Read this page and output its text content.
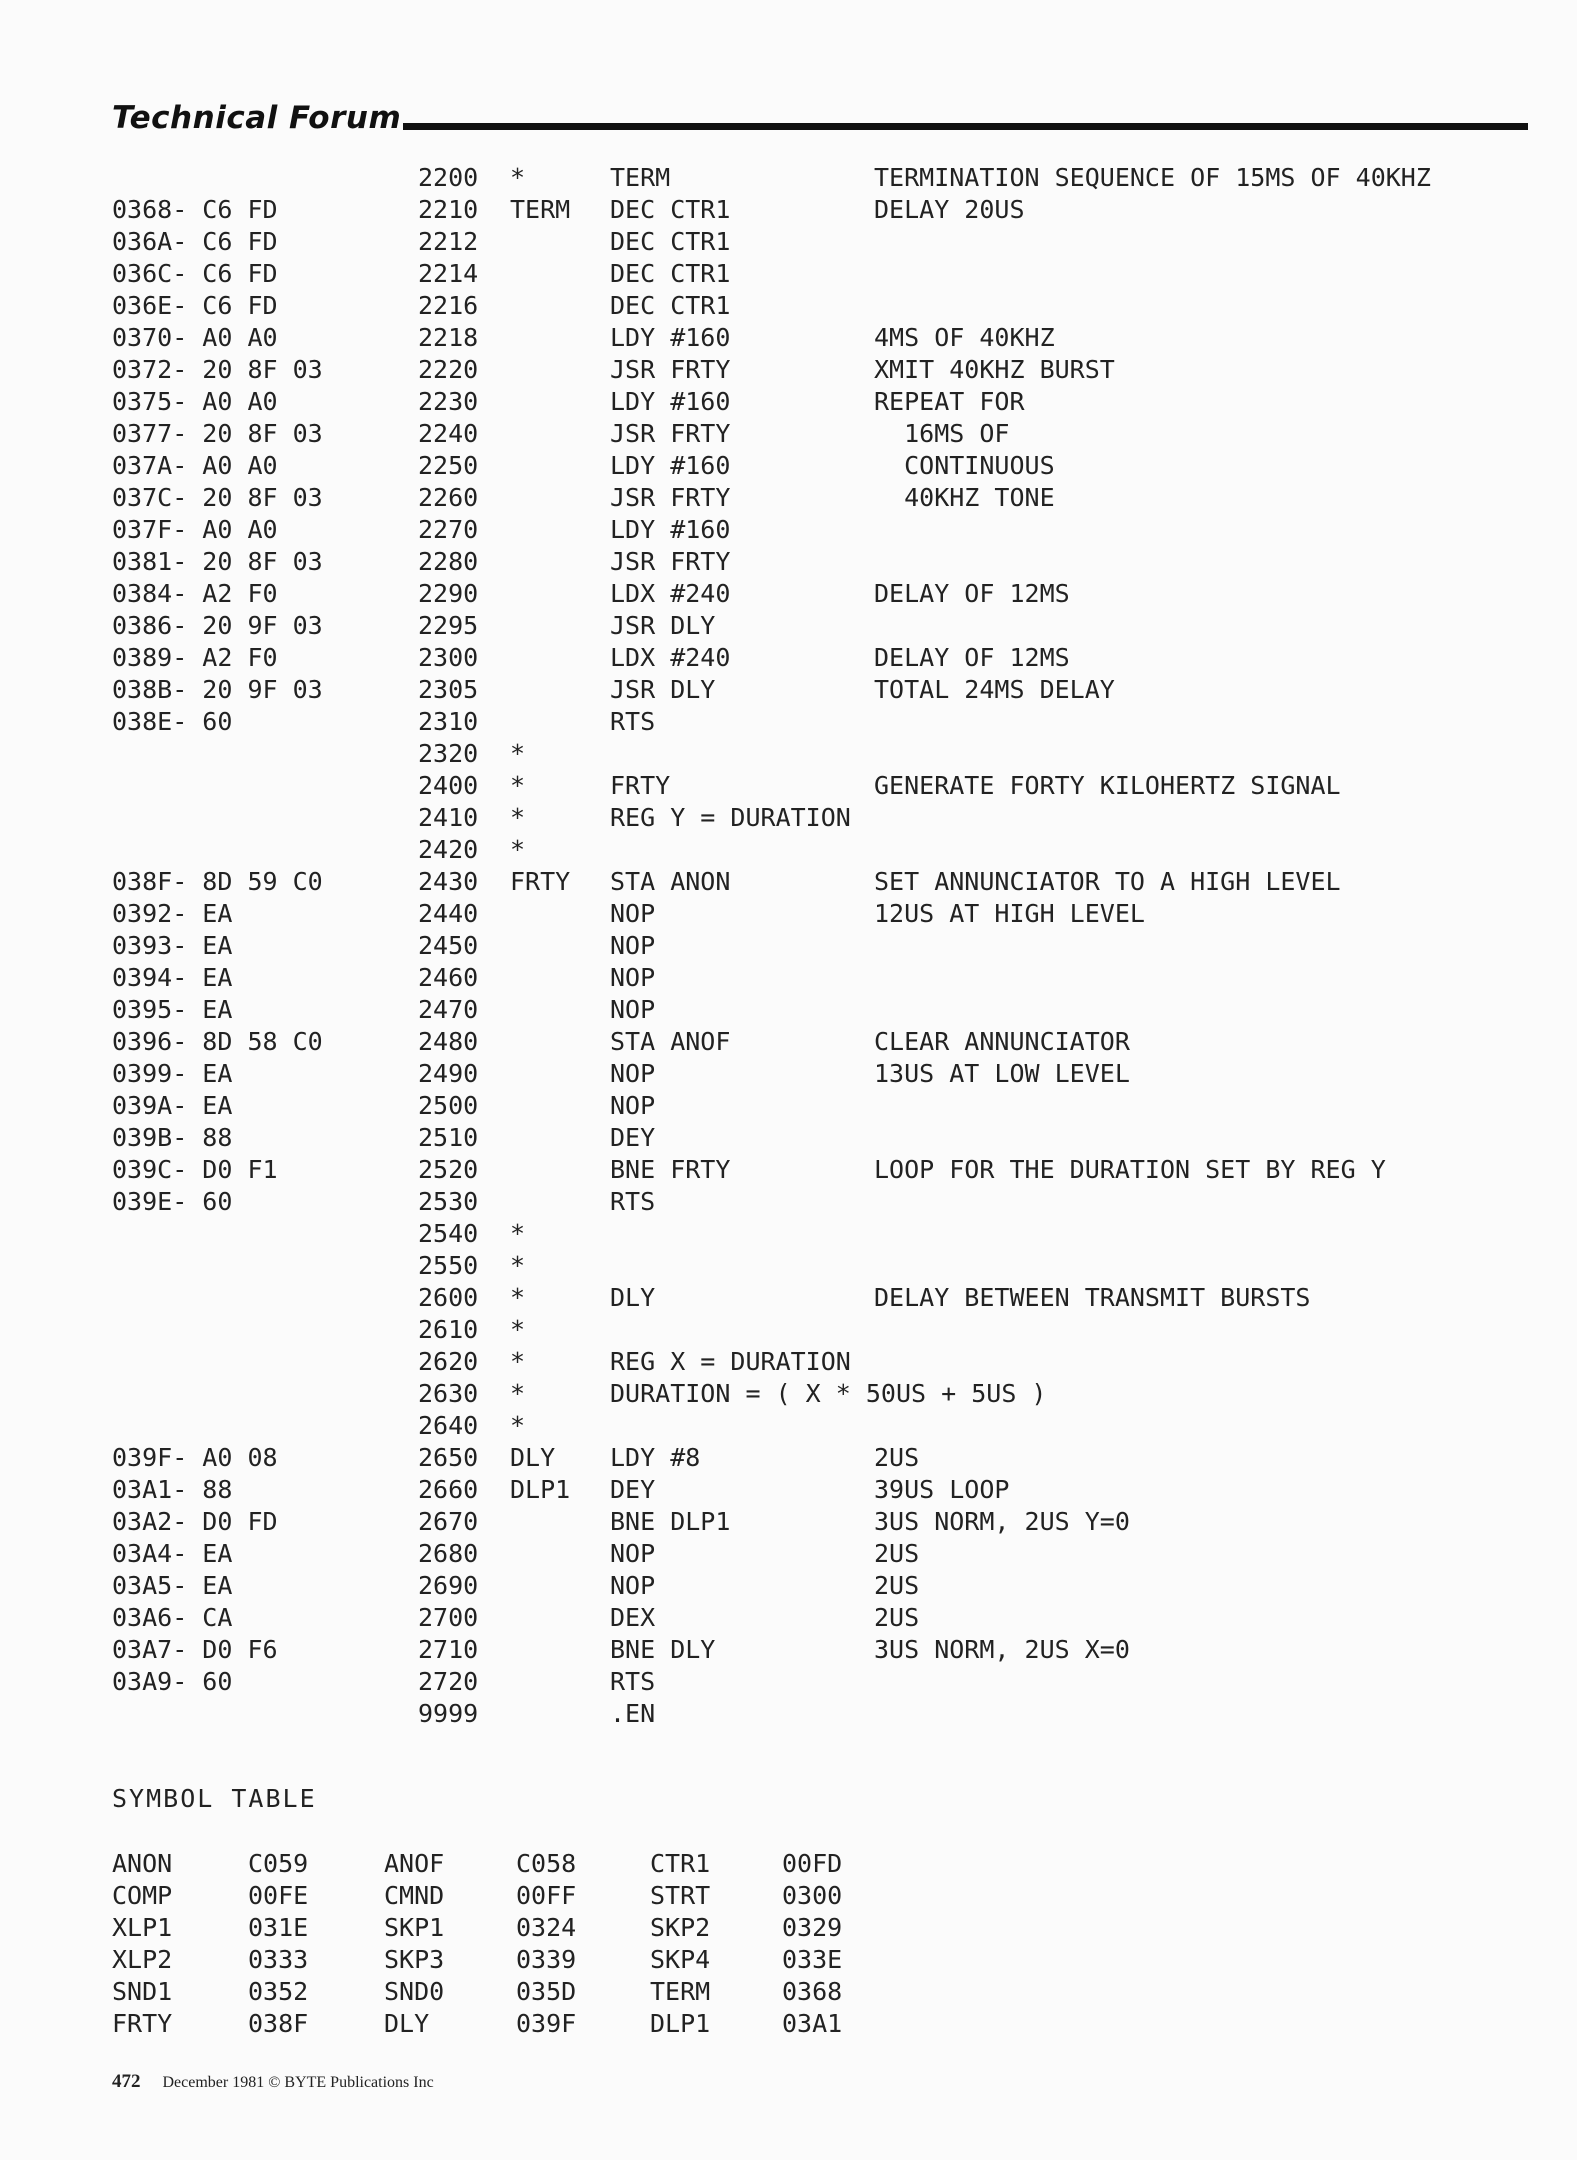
Technical Forum
2200 *	TERM	TERMINATION SEQUENCE OF 15MS OF 40KHZ
0368- C6 FD	2210 TERM DEC CTR1	DELAY 20US
036A- C6 FD	2212	DEC CTR1
036C- C6 FD	2214	DEC CTR1
036E- C6 FD	2216	DEC CTR1
0370- A0 A0	2218	LDY #160	4MS OF 40KHZ
0372- 20 8F 03	2220	JSR FRTY	XMIT 40KHZ BURST
0375- A0 A0	2230	LDY #160	REPEAT FOR
0377- 20 8F 03	2240	JSR FRTY	16MS OF
037A- A0 A0	2250	LDY #160	CONTINUOUS
037C- 20 8F 03	2260	JSR FRTY	40KHZ TONE
037F- A0 A0	2270	LDY #160
0381- 20 8F 03	2280	JSR FRTY
0384- A2 F0	2290	LDX #240	DELAY OF 12MS
0386- 20 9F 03	2295	JSR DLY
0389- A2 F0	2300	LDX #240	DELAY OF 12MS
038B- 20 9F 03	2305	JSR DLY	TOTAL 24MS DELAY
038E- 60	2310	RTS
2320 *
2400 *	FRTY	GENERATE FORTY KILOHERTZ SIGNAL
2410 *	REG Y = DURATION
2420 *
038F- 8D 59 C0	2430 FRTY STA ANON	SET ANNUNCIATOR TO A HIGH LEVEL
0392- EA	2440	NOP	12US AT HIGH LEVEL
0393- EA	2450	NOP
0394- EA	2460	NOP
0395- EA	2470	NOP
0396- 8D 58 C0	2480	STA ANOF	CLEAR ANNUNCIATOR
0399- EA	2490	NOP	13US AT LOW LEVEL
039A- EA	2500	NOP
039B- 88	2510	DEY
039C- D0 F1	2520	BNE FRTY	LOOP FOR THE DURATION SET BY REG Y
039E- 60	2530	RTS
2540 *
2550 *
2600 *	DLY	DELAY BETWEEN TRANSMIT BURSTS
2610 *
2620 *	REG X = DURATION
2630 *	DURATION = ( X * 50US + 5US )
2640 *
039F- A0 08	2650 DLY LDY #8	2US
03A1- 88	2660 DLP1 DEY	39US LOOP
03A2- D0 FD	2670	BNE DLP1	3US NORM, 2US Y=0
03A4- EA	2680	NOP	2US
03A5- EA	2690	NOP	2US
03A6- CA	2700	DEX	2US
03A7- D0 F6	2710	BNE DLY	3US NORM, 2US X=0
03A9- 60	2720	RTS
9999	.EN
SYMBOL TABLE
ANON	C059	ANOF	C058	CTR1	00FD
COMP	00FE	CMND	00FF	STRT	0300
XLP1	031E	SKP1	0324	SKP2	0329
XLP2	0333	SKP3	0339	SKP4	033E
SND1	0352	SND0	035D	TERM	0368
FRTY	038F	DLY	039F	DLP1	03A1
472 December 1981 © BYTE Publications Inc
